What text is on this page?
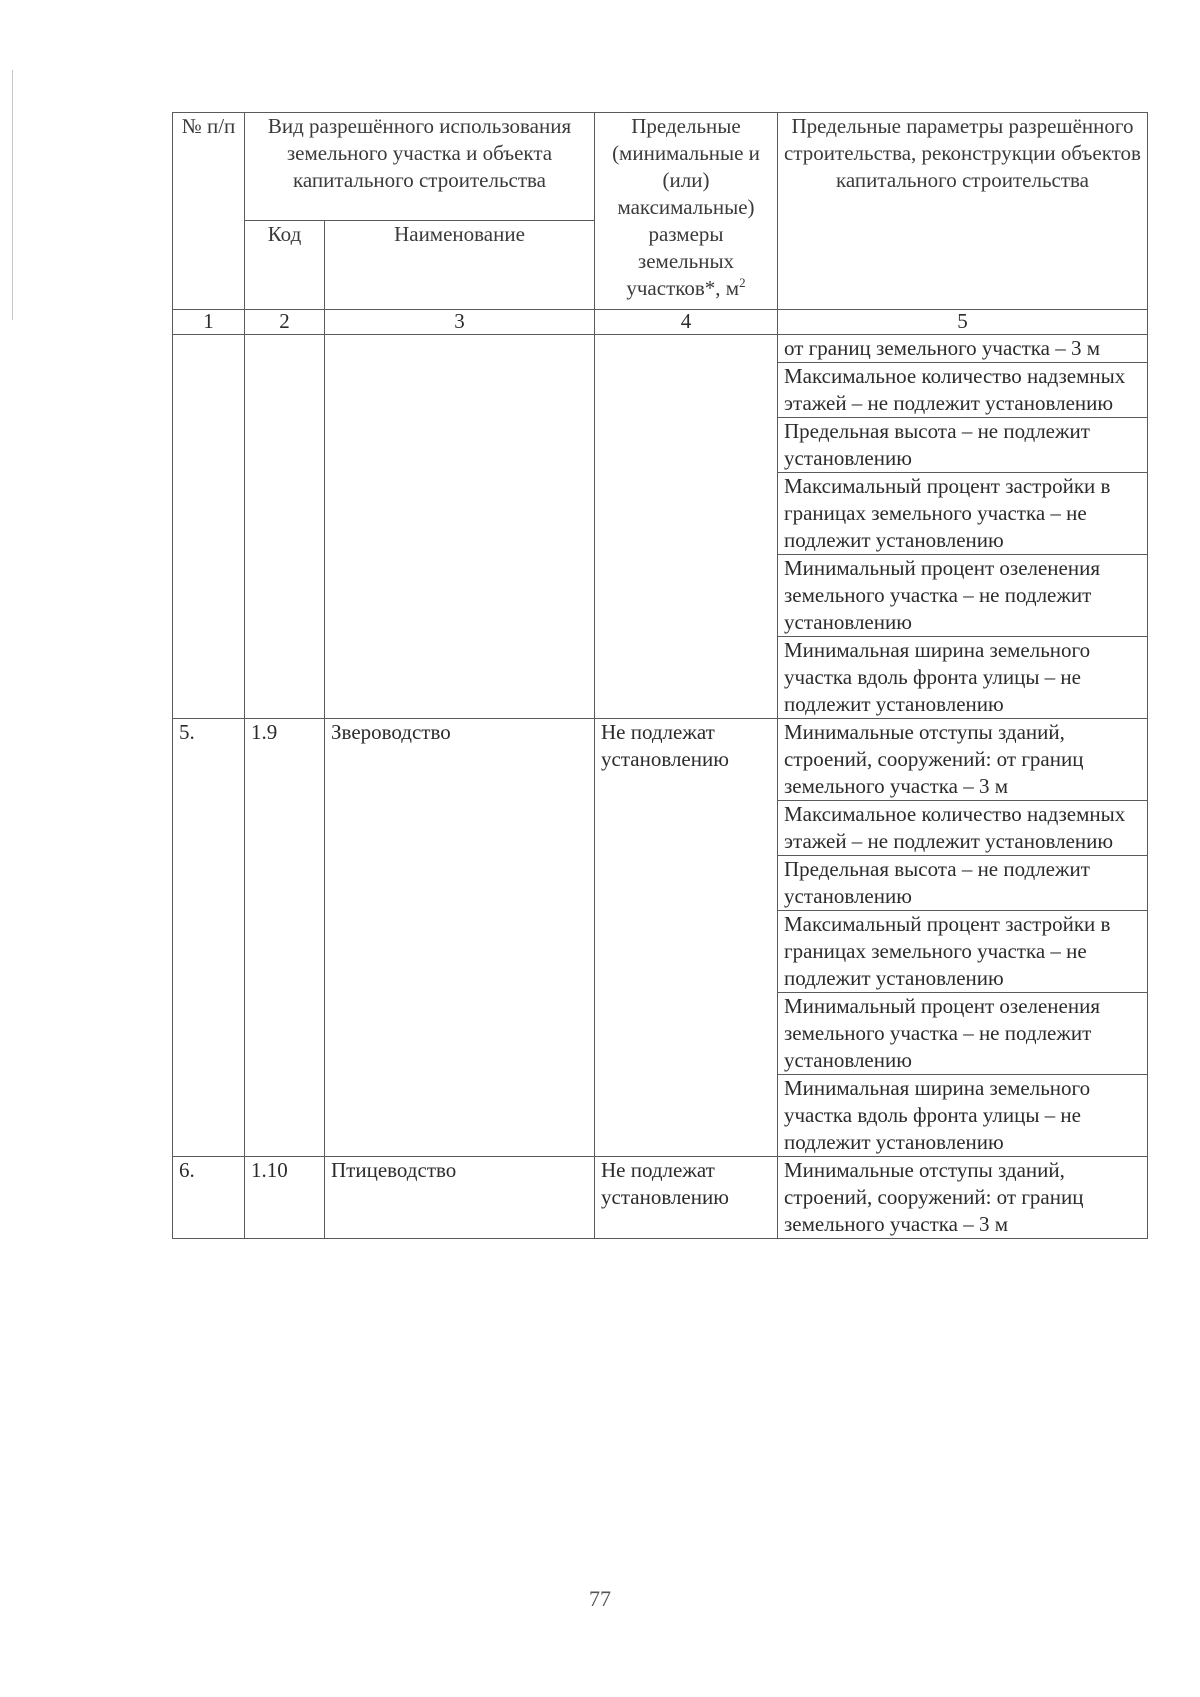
№ п/п	Вид разрешённого использования земельного участка и объекта капитального строительства		Предельные (минимальные и (или) максимальные) размеры земельных участков*, $м^2$	Предельные параметры разрешённого строительства, реконструкции объектов капитального строительства
	Код	Наименование		
1	2	3	4	5
				от границ земельного участка – 3 м
				Максимальное количество надземных этажей – не подлежит установлению
				Предельная высота – не подлежит установлению
				Максимальный процент застройки в границах земельного участка – не подлежит установлению
				Минимальный процент озеленения земельного участка – не подлежит установлению
				Минимальная ширина земельного участка вдоль фронта улицы – не подлежит установлению
5.	1.9	Звероводство	Не подлежат установлению	Минимальные отступы зданий, строений, сооружений: от границ земельного участка – 3 м
				Максимальное количество надземных этажей – не подлежит установлению
				Предельная высота – не подлежит установлению
				Максимальный процент застройки в границах земельного участка – не подлежит установлению
				Минимальный процент озеленения земельного участка – не подлежит установлению
				Минимальная ширина земельного участка вдоль фронта улицы – не подлежит установлению
6.	1.10	Птицеводство	Не подлежат установлению	Минимальные отступы зданий, строений, сооружений: от границ земельного участка – 3 м
77
